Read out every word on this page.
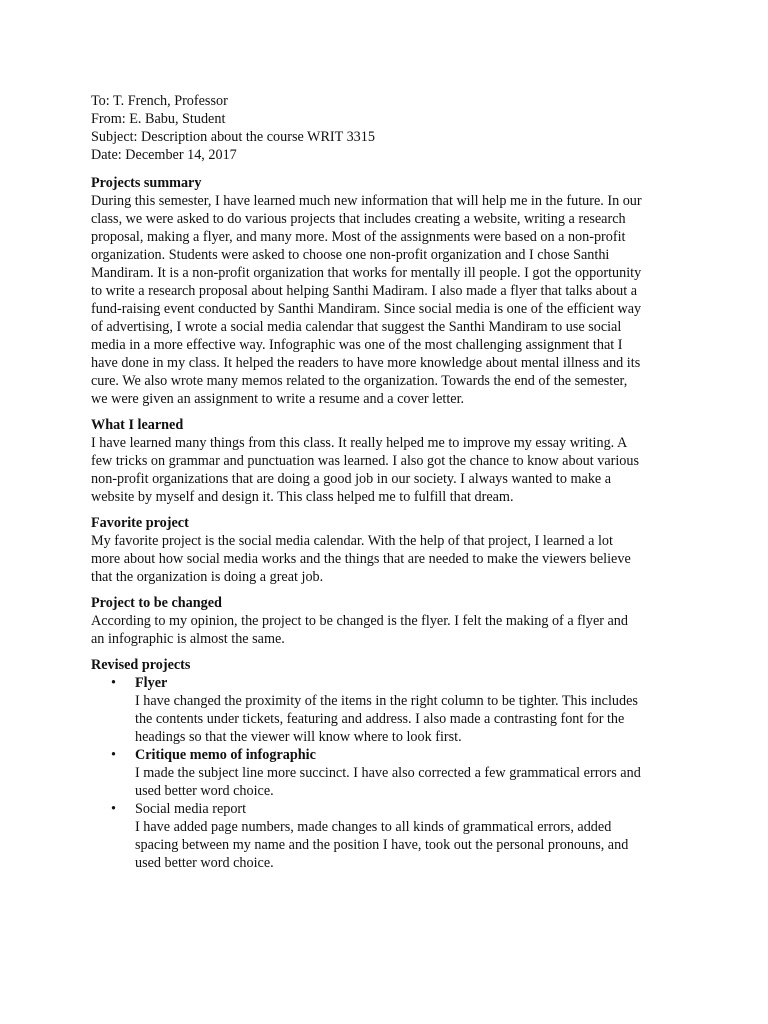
To: T. French, Professor

From: E. Babu, Student

Subject: Description about the course WRIT 3315

Date: December 14, 2017

Projects summary

During this semester, I have learned much new information that will help me in the future. In our

class, we were asked to do various projects that includes creating a website, writing a research

proposal, making a flyer, and many more. Most of the assignments were based on a non-profit

organization. Students were asked to choose one non-profit organization and I chose Santhi

Mandiram. It is a non-profit organization that works for mentally ill people. I got the opportunity

to write a research proposal about helping Santhi Madiram. I also made a flyer that talks about a

fund-raising event conducted by Santhi Mandiram. Since social media is one of the efficient way

of advertising, I wrote a social media calendar that suggest the Santhi Mandiram to use social

media in a more effective way. Infographic was one of the most challenging assignment that I

have done in my class. It helped the readers to have more knowledge about mental illness and its

cure. We also wrote many memos related to the organization. Towards the end of the semester,

we were given an assignment to write a resume and a cover letter.

What I learned

I have learned many things from this class. It really helped me to improve my essay writing. A

few tricks on grammar and punctuation was learned. I also got the chance to know about various

non-profit organizations that are doing a good job in our society. I always wanted to make a

website by myself and design it. This class helped me to fulfill that dream.

Favorite project

My favorite project is the social media calendar. With the help of that project, I learned a lot

more about how social media works and the things that are needed to make the viewers believe

that the organization is doing a great job.

Project to be changed

According to my opinion, the project to be changed is the flyer. I felt the making of a flyer and

an infographic is almost the same.

Revised projects

• Flyer

I have changed the proximity of the items in the right column to be tighter. This includes

the contents under tickets, featuring and address. I also made a contrasting font for the

headings so that the viewer will know where to look first.

• Critique memo of infographic

I made the subject line more succinct. I have also corrected a few grammatical errors and

used better word choice.

• Social media report

I have added page numbers, made changes to all kinds of grammatical errors, added

spacing between my name and the position I have, took out the personal pronouns, and

used better word choice.
